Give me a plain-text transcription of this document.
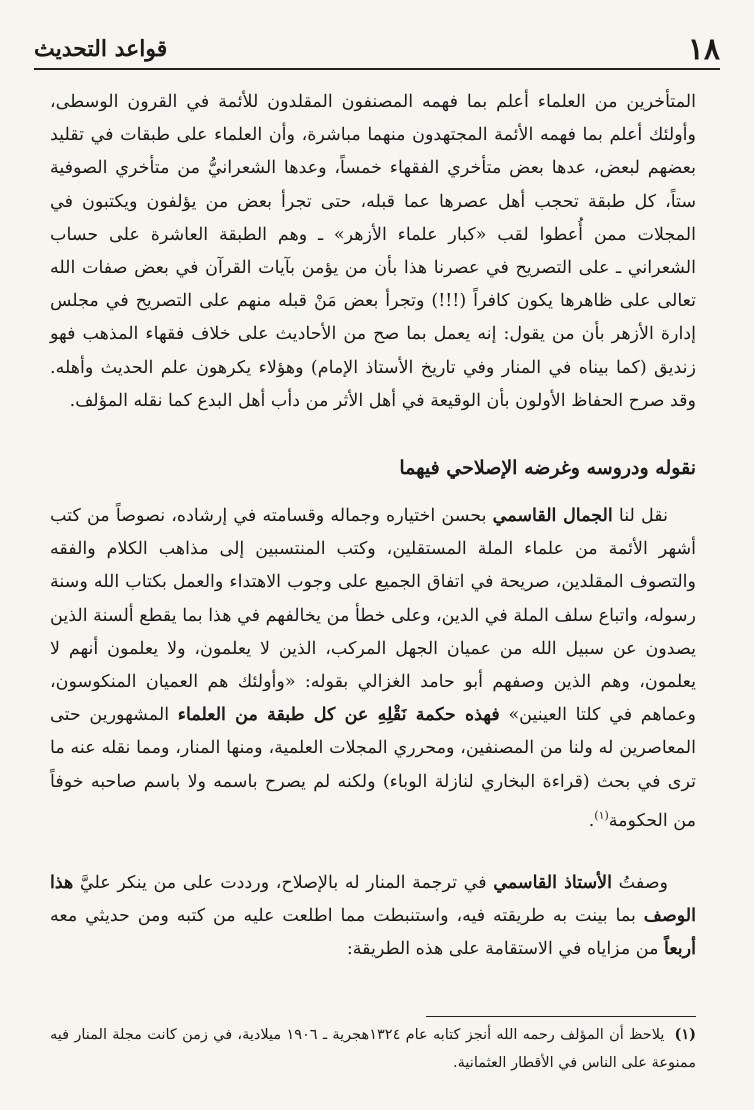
١٨
قواعد التحديث

المتأخرين من العلماء أعلم بما فهمه المصنفون المقلدون للأئمة في القرون الوسطى، وأولئك أعلم بما فهمه الأئمة المجتهدون منهما مباشرة، وأن العلماء على طبقات في تقليد بعضهم لبعض، عدها بعض متأخري الفقهاء خمساً، وعدها الشعرانيُّ من متأخري الصوفية ستاً، كل طبقة تحجب أهل عصرها عما قبله، حتى تجرأ بعض من يؤلفون ويكتبون في المجلات ممن أُعطوا لقب «كبار علماء الأزهر» ـ وهم الطبقة العاشرة على حساب الشعراني ـ على التصريح في عصرنا هذا بأن من يؤمن بآيات القرآن في بعض صفات الله تعالى على ظاهرها يكون كافراً (!!!) وتجرأ بعض مَنْ قبله منهم على التصريح في مجلس إدارة الأزهر بأن من يقول: إنه يعمل بما صح من الأحاديث على خلاف فقهاء المذهب فهو زنديق (كما بيناه في المنار وفي تاريخ الأستاذ الإمام) وهؤلاء يكرهون علم الحديث وأهله. وقد صرح الحفاظ الأولون بأن الوقيعة في أهل الأثر من دأب أهل البدع كما نقله المؤلف.

نقوله ودروسه وغرضه الإصلاحي فيهما

نقل لنا الجمال القاسمي بحسن اختياره وجماله وقسامته في إرشاده، نصوصاً من كتب أشهر الأئمة من علماء الملة المستقلين، وكتب المنتسبين إلى مذاهب الكلام والفقه والتصوف المقلدين، صريحة في اتفاق الجميع على وجوب الاهتداء والعمل بكتاب الله وسنة رسوله، واتباع سلف الملة في الدين، وعلى خطأ من يخالفهم في هذا بما يقطع ألسنة الذين يصدون عن سبيل الله من عميان الجهل المركب، الذين لا يعلمون، ولا يعلمون أنهم لا يعلمون، وهم الذين وصفهم أبو حامد الغزالي بقوله: «وأولئك هم العميان المنكوسون، وعماهم في كلتا العينين» فهذه حكمة نَقْلِهِ عن كل طبقة من العلماء المشهورين حتى المعاصرين له ولنا من المصنفين، ومحرري المجلات العلمية، ومنها المنار، ومما نقله عنه ما ترى في بحث (قراءة البخاري لنازلة الوباء) ولكنه لم يصرح باسمه ولا باسم صاحبه خوفاً من الحكومة$^{(١)}$.

وصفتُ الأستاذ القاسمي في ترجمة المنار له بالإصلاح، ورددت على من ينكر عليَّ هذا الوصف بما بينت به طريقته فيه، واستنبطت مما اطلعت عليه من كتبه ومن حديثي معه أربعاً من مزاياه في الاستقامة على هذه الطريقة:

(١)يلاحظ أن المؤلف رحمه الله أنجز كتابه عام ١٣٢٤هجرية ـ ١٩٠٦ ميلادية، في زمن كانت مجلة المنار فيه ممنوعة على الناس في الأقطار العثمانية.
